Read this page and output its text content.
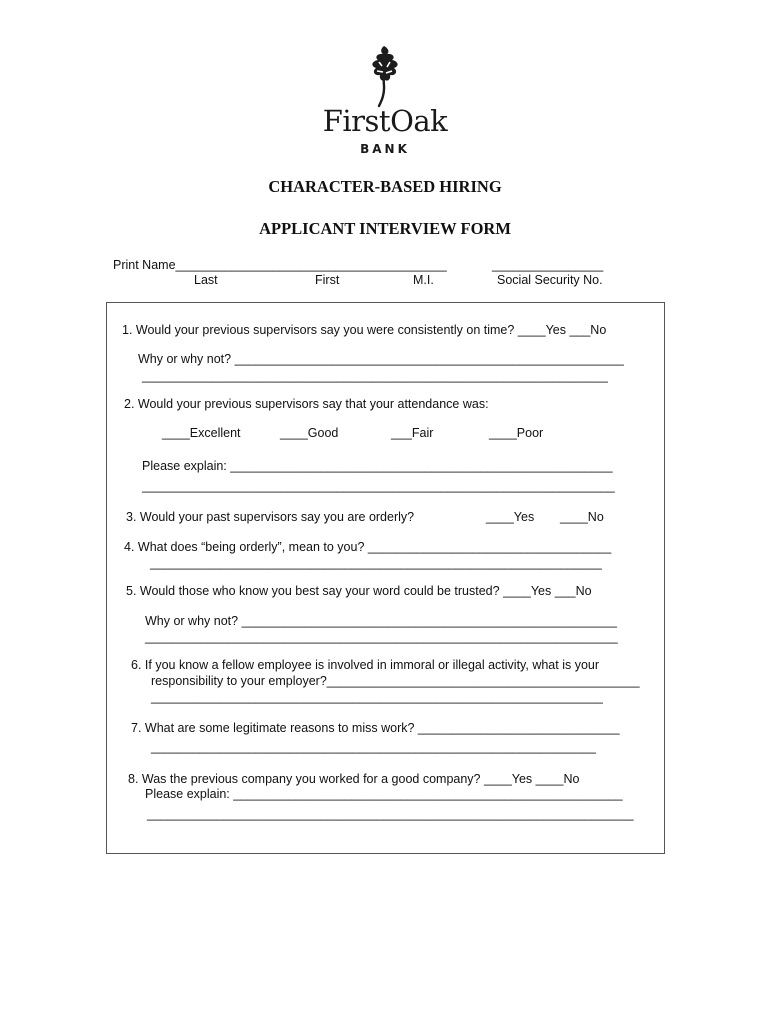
FirstOak
BANK
CHARACTER-BASED HIRING
APPLICANT INTERVIEW FORM
Print Name_______________________________________	________________
Last	First	M.I.	Social Security No.
1. Would your previous supervisors say you were consistently on time? ____Yes ___No
Why or why not? ________________________________________________________
___________________________________________________________________
2. Would your previous supervisors say that your attendance was:
____Excellent	____Good	___Fair	____Poor
Please explain: _______________________________________________________
____________________________________________________________________
3. Would your past supervisors say you are orderly?	____Yes ____No
4. What does “being orderly”, mean to you? ___________________________________
_________________________________________________________________
5. Would those who know you best say your word could be trusted? ____Yes ___No
Why or why not? ______________________________________________________
____________________________________________________________________
6. If you know a fellow employee is involved in immoral or illegal activity, what is your
responsibility to your employer?_____________________________________________
_________________________________________________________________
7. What are some legitimate reasons to miss work? _____________________________
________________________________________________________________
8. Was the previous company you worked for a good company? ____Yes ____No
Please explain: ________________________________________________________
______________________________________________________________________
